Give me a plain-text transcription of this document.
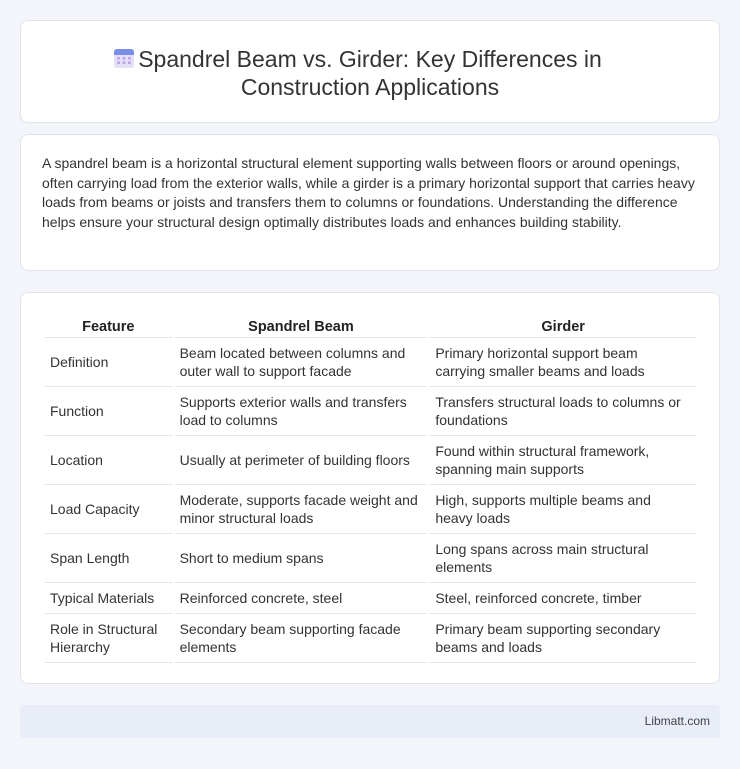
Spandrel Beam vs. Girder: Key Differences in
Construction Applications

A spandrel beam is a horizontal structural element supporting walls between floors or around openings, often carrying load from the exterior walls, while a girder is a primary horizontal support that carries heavy loads from beams or joists and transfers them to columns or foundations. Understanding the difference helps ensure your structural design optimally distributes loads and enhances building stability.

Feature	Spandrel Beam	Girder
Definition	Beam located between columns and outer wall to support facade	Primary horizontal support beam carrying smaller beams and loads
Function	Supports exterior walls and transfers load to columns	Transfers structural loads to columns or foundations
Location	Usually at perimeter of building floors	Found within structural framework, spanning main supports
Load Capacity	Moderate, supports facade weight and minor structural loads	High, supports multiple beams and heavy loads
Span Length	Short to medium spans	Long spans across main structural elements
Typical Materials	Reinforced concrete, steel	Steel, reinforced concrete, timber
Role in Structural Hierarchy	Secondary beam supporting facade elements	Primary beam supporting secondary beams and loads
Libmatt.com
